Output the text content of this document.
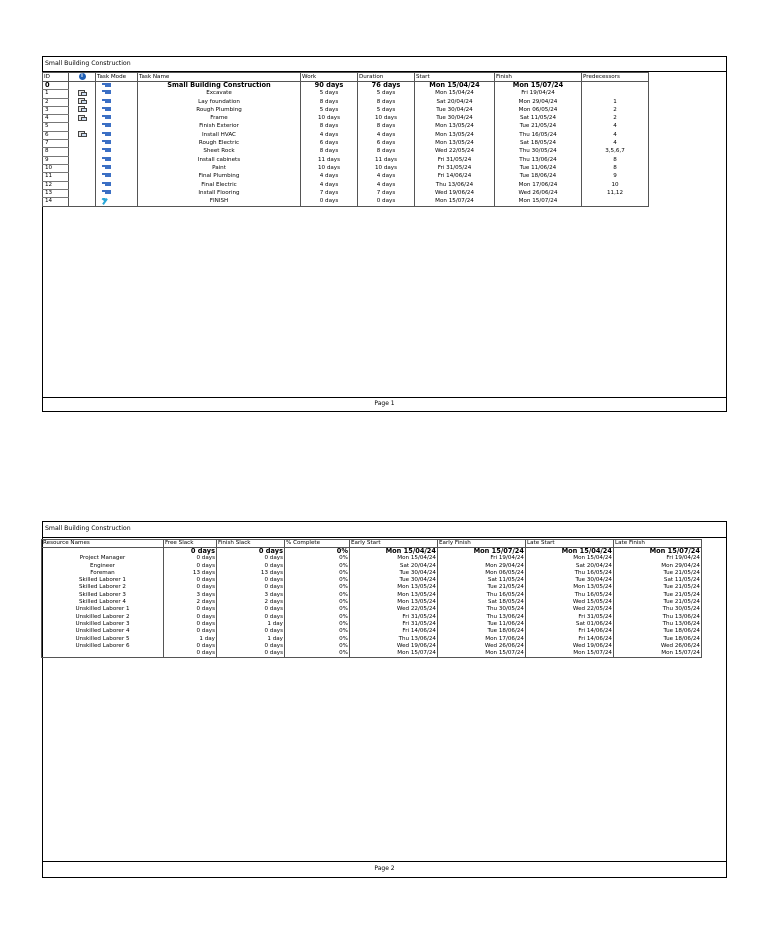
Small Building Construction
ID	i	Task Mode	Task Name	Work	Duration	Start	Finish	Predecessors
0			Small Building Construction	90 days	76 days	Mon 15/04/24	Mon 15/07/24	
1			Excavate	5 days	5 days	Mon 15/04/24	Fri 19/04/24	
2			Lay foundation	8 days	8 days	Sat 20/04/24	Mon 29/04/24	1
3			Rough Plumbing	5 days	5 days	Tue 30/04/24	Mon 06/05/24	2
4			Frame	10 days	10 days	Tue 30/04/24	Sat 11/05/24	2
5			Finish Exterior	8 days	8 days	Mon 13/05/24	Tue 21/05/24	4
6			Install HVAC	4 days	4 days	Mon 13/05/24	Thu 16/05/24	4
7			Rough Electric	6 days	6 days	Mon 13/05/24	Sat 18/05/24	4
8			Sheet Rock	8 days	8 days	Wed 22/05/24	Thu 30/05/24	3,5,6,7
9			Install cabinets	11 days	11 days	Fri 31/05/24	Thu 13/06/24	8
10			Paint	10 days	10 days	Fri 31/05/24	Tue 11/06/24	8
11			Final Plumbing	4 days	4 days	Fri 14/06/24	Tue 18/06/24	9
12			Final Electric	4 days	4 days	Thu 13/06/24	Mon 17/06/24	10
13			Install Flooring	7 days	7 days	Wed 19/06/24	Wed 26/06/24	11,12
14			FINISH	0 days	0 days	Mon 15/07/24	Mon 15/07/24	
Page 1
Small Building Construction
Resource Names	Free Slack	Finish Slack	% Complete	Early Start	Early Finish	Late Start	Late Finish
	0 days	0 days	0%	Mon 15/04/24	Mon 15/07/24	Mon 15/04/24	Mon 15/07/24
Project Manager	0 days	0 days	0%	Mon 15/04/24	Fri 19/04/24	Mon 15/04/24	Fri 19/04/24
Engineer	0 days	0 days	0%	Sat 20/04/24	Mon 29/04/24	Sat 20/04/24	Mon 29/04/24
Foreman	13 days	13 days	0%	Tue 30/04/24	Mon 06/05/24	Thu 16/05/24	Tue 21/05/24
Skilled Laborer 1	0 days	0 days	0%	Tue 30/04/24	Sat 11/05/24	Tue 30/04/24	Sat 11/05/24
Skilled Laborer 2	0 days	0 days	0%	Mon 13/05/24	Tue 21/05/24	Mon 13/05/24	Tue 21/05/24
Skilled Laborer 3	3 days	3 days	0%	Mon 13/05/24	Thu 16/05/24	Thu 16/05/24	Tue 21/05/24
Skilled Laborer 4	2 days	2 days	0%	Mon 13/05/24	Sat 18/05/24	Wed 15/05/24	Tue 21/05/24
Unskilled Laborer 1	0 days	0 days	0%	Wed 22/05/24	Thu 30/05/24	Wed 22/05/24	Thu 30/05/24
Unskilled Laborer 2	0 days	0 days	0%	Fri 31/05/24	Thu 13/06/24	Fri 31/05/24	Thu 13/06/24
Unskilled Laborer 3	0 days	1 day	0%	Fri 31/05/24	Tue 11/06/24	Sat 01/06/24	Thu 13/06/24
Unskilled Laborer 4	0 days	0 days	0%	Fri 14/06/24	Tue 18/06/24	Fri 14/06/24	Tue 18/06/24
Unskilled Laborer 5	1 day	1 day	0%	Thu 13/06/24	Mon 17/06/24	Fri 14/06/24	Tue 18/06/24
Unskilled Laborer 6	0 days	0 days	0%	Wed 19/06/24	Wed 26/06/24	Wed 19/06/24	Wed 26/06/24
	0 days	0 days	0%	Mon 15/07/24	Mon 15/07/24	Mon 15/07/24	Mon 15/07/24
Page 2
